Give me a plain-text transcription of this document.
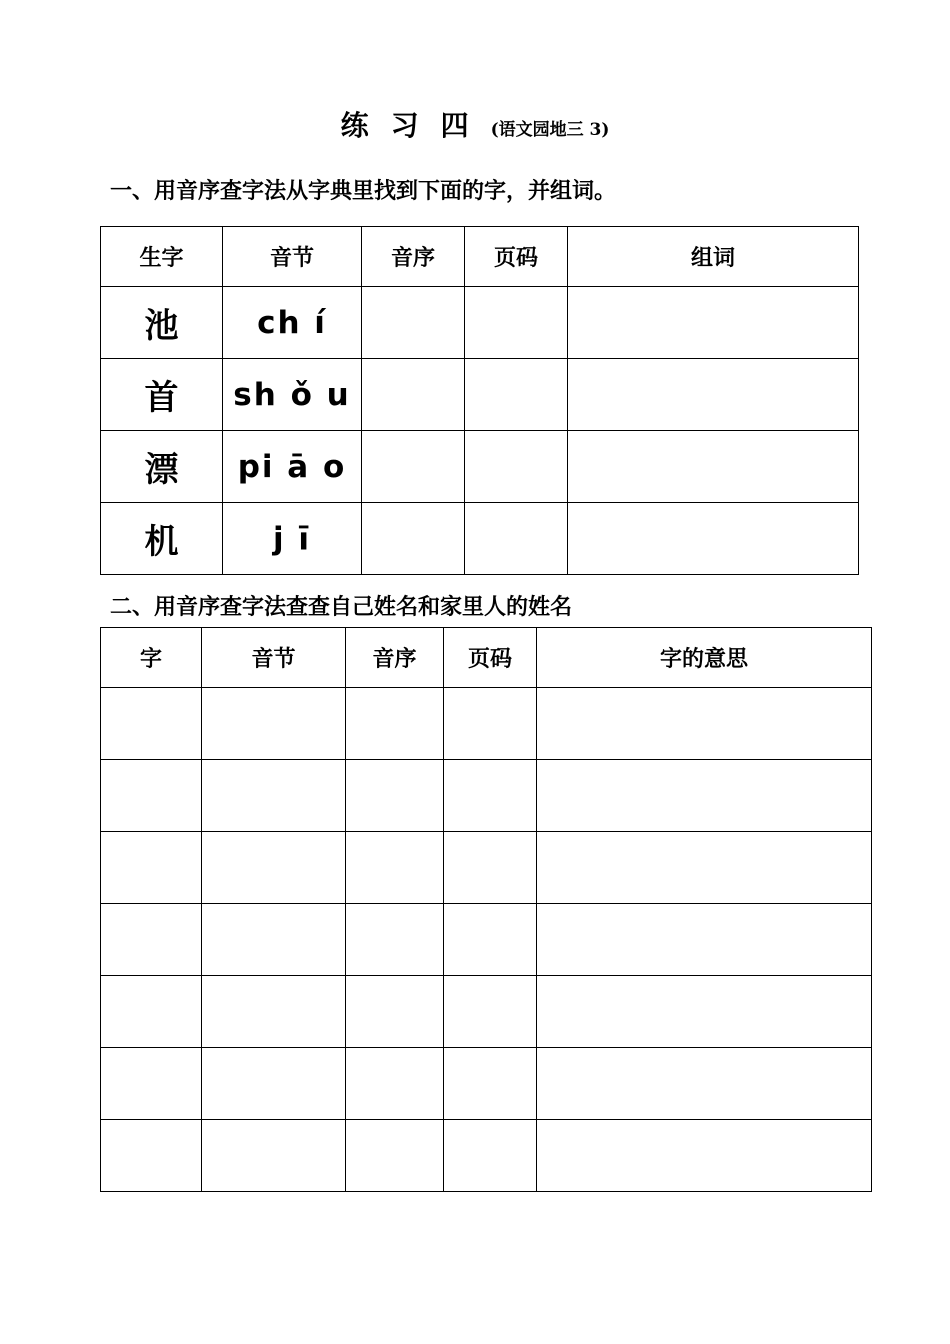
练习四(语文园地三 3)
一、用音序查字法从字典里找到下面的字，并组词。
生字	音节	音序	页码	组词
池	ch í			
首	sh ǒ u			
漂	pi ā o			
机	j ī			
二、用音序查字法查查自己姓名和家里人的姓名
字	音节	音序	页码	字的意思
